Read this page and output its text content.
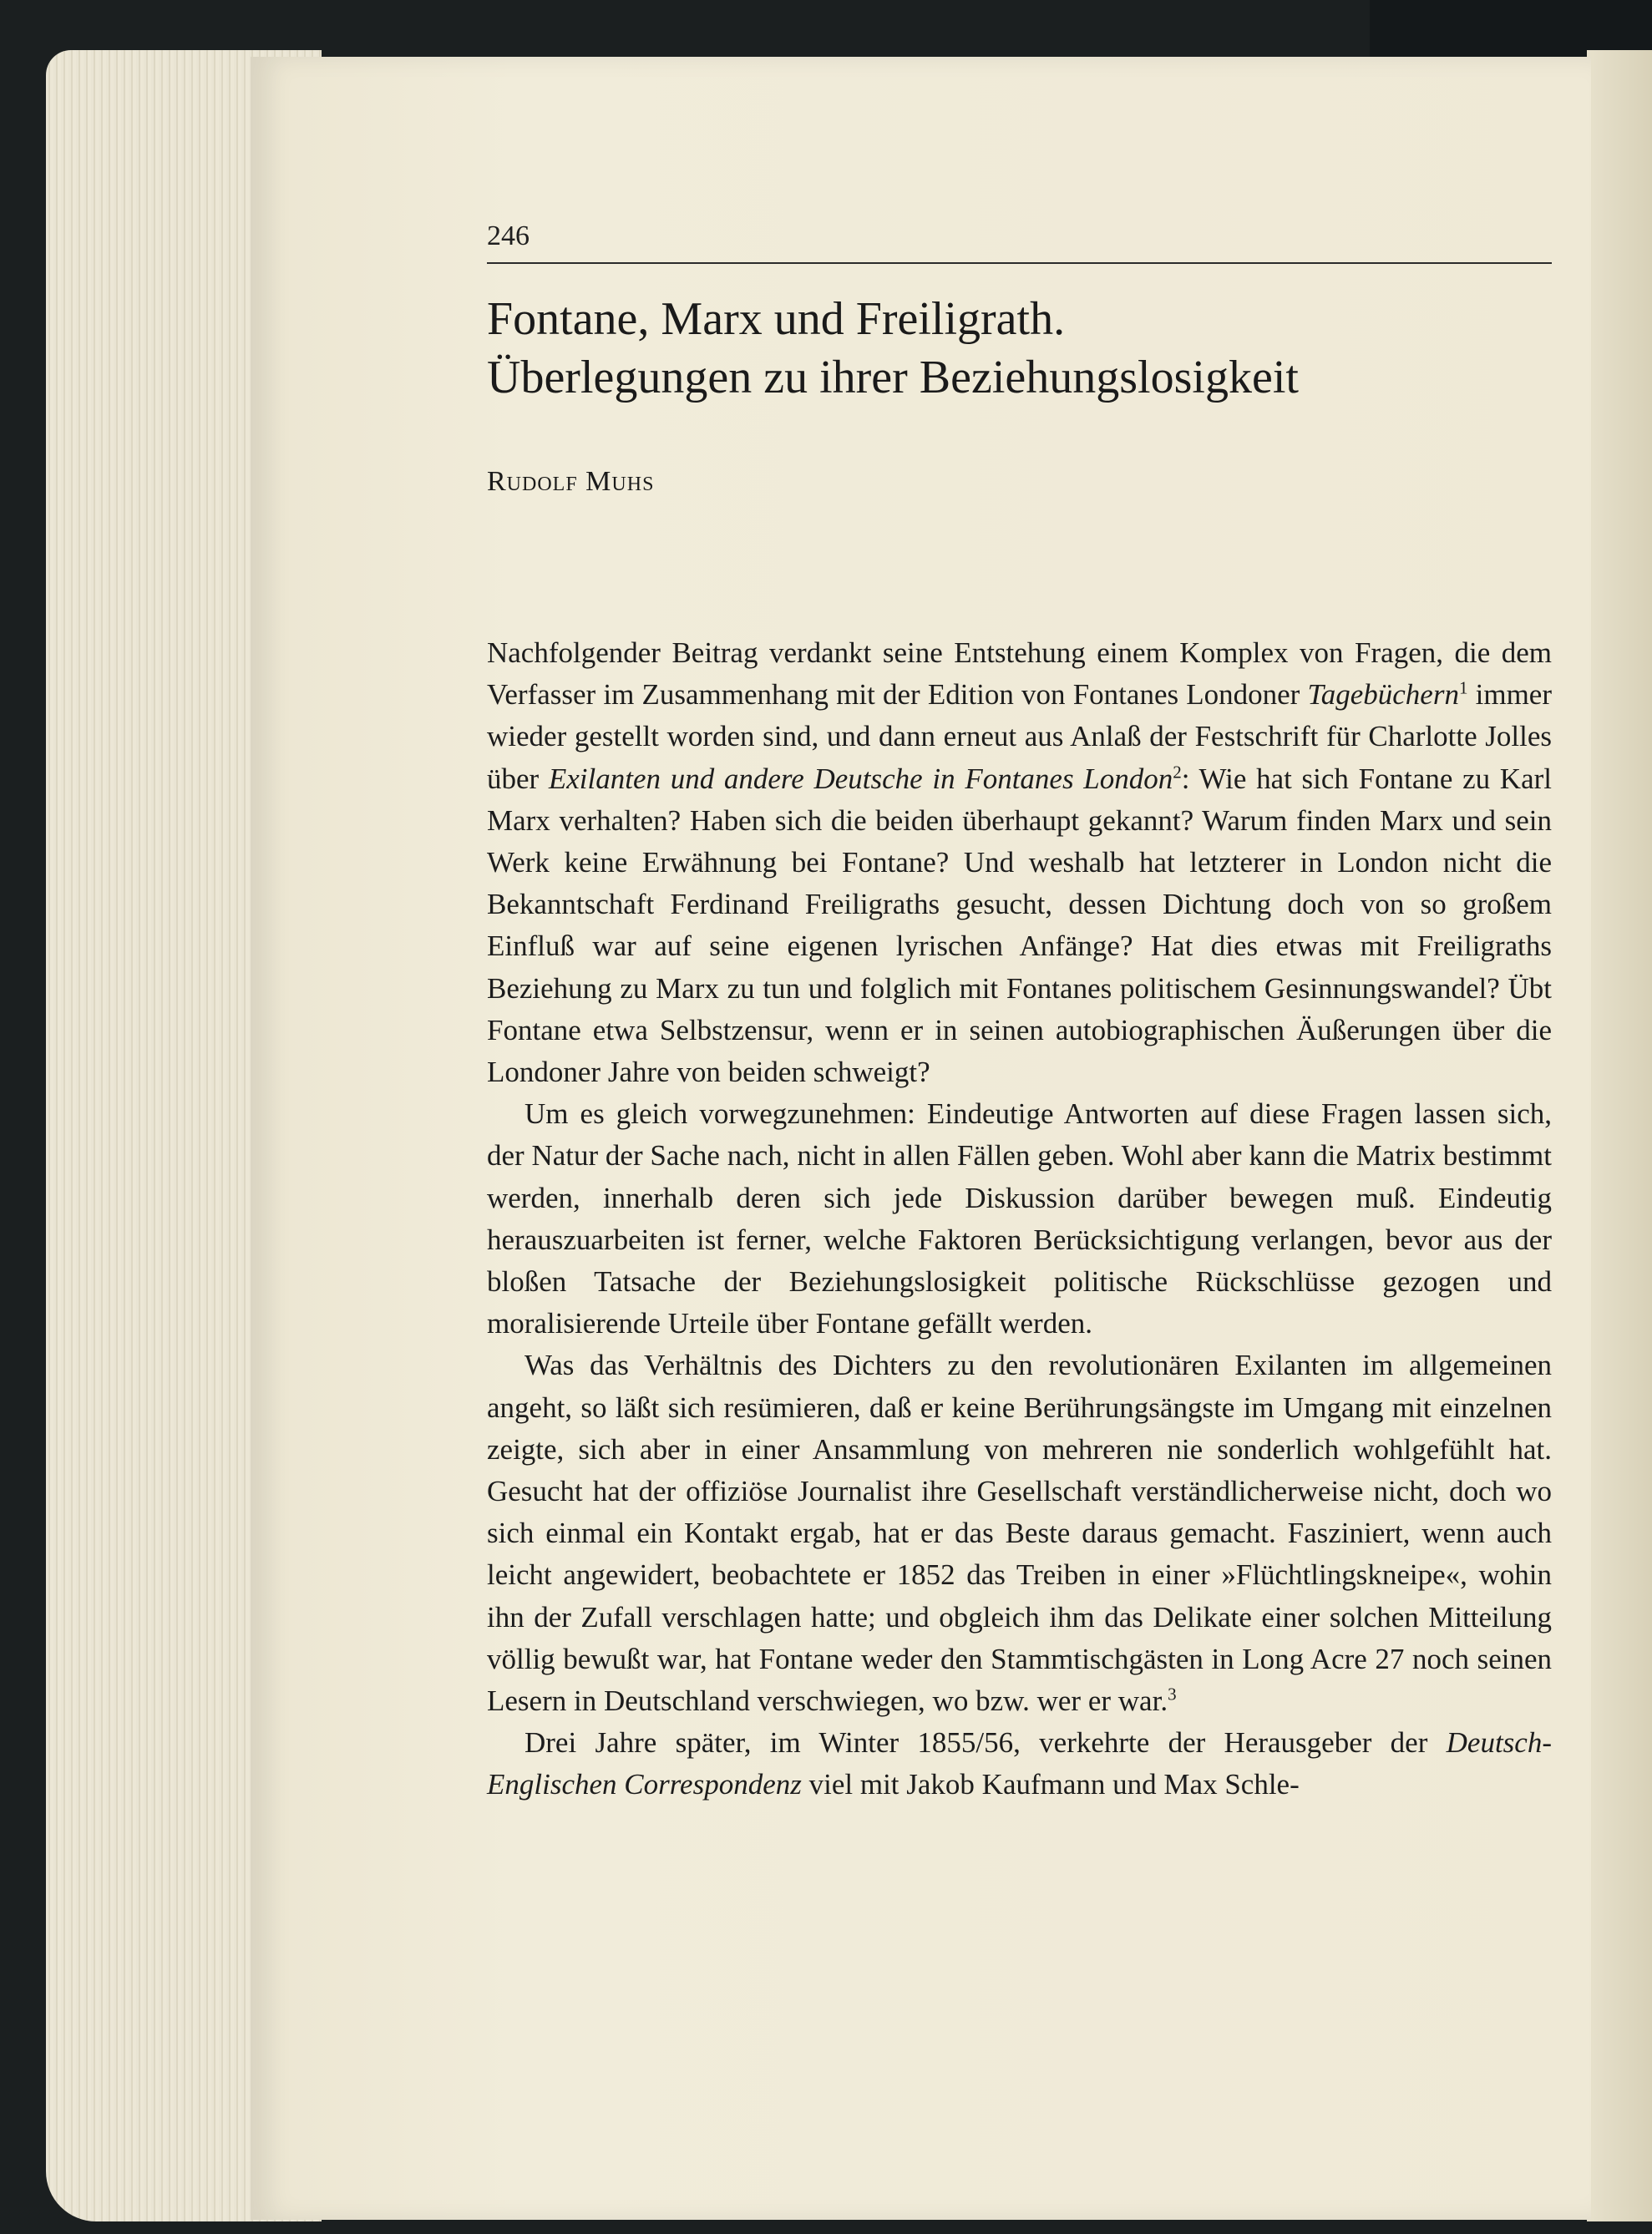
246
Fontane, Marx und Freiligrath.
Überlegungen zu ihrer Beziehungslosigkeit
Rudolf Muhs

Nachfolgender Beitrag verdankt seine Entstehung einem Komplex von Fragen, die dem Verfasser im Zusammenhang mit der Edition von Fontanes Londoner Tagebüchern$^1$ immer wieder gestellt worden sind, und dann erneut aus Anlaß der Festschrift für Charlotte Jolles über Exilanten und andere Deutsche in Fontanes London$^2$: Wie hat sich Fontane zu Karl Marx verhalten? Haben sich die beiden überhaupt gekannt? Warum finden Marx und sein Werk keine Erwähnung bei Fontane? Und weshalb hat letzterer in London nicht die Bekanntschaft Ferdinand Freiligraths gesucht, dessen Dichtung doch von so großem Einfluß war auf seine eigenen lyrischen Anfänge? Hat dies etwas mit Freiligraths Beziehung zu Marx zu tun und folglich mit Fontanes politischem Gesinnungswandel? Übt Fontane etwa Selbstzensur, wenn er in seinen autobiographischen Äußerungen über die Londoner Jahre von beiden schweigt?

Um es gleich vorwegzunehmen: Eindeutige Antworten auf diese Fragen lassen sich, der Natur der Sache nach, nicht in allen Fällen geben. Wohl aber kann die Matrix bestimmt werden, innerhalb deren sich jede Diskussion darüber bewegen muß. Eindeutig herauszuarbeiten ist ferner, welche Faktoren Berücksichtigung verlangen, bevor aus der bloßen Tatsache der Beziehungslosigkeit politische Rückschlüsse gezogen und moralisierende Urteile über Fontane gefällt werden.

Was das Verhältnis des Dichters zu den revolutionären Exilanten im allgemeinen angeht, so läßt sich resümieren, daß er keine Berührungsängste im Umgang mit einzelnen zeigte, sich aber in einer Ansammlung von mehreren nie sonderlich wohlgefühlt hat. Gesucht hat der offiziöse Journalist ihre Gesellschaft verständlicherweise nicht, doch wo sich einmal ein Kontakt ergab, hat er das Beste daraus gemacht. Fasziniert, wenn auch leicht angewidert, beobachtete er 1852 das Treiben in einer »Flüchtlingskneipe«, wohin ihn der Zufall verschlagen hatte; und obgleich ihm das Delikate einer solchen Mitteilung völlig bewußt war, hat Fontane weder den Stammtischgästen in Long Acre 27 noch seinen Lesern in Deutschland verschwiegen, wo bzw. wer er war.$^3$

Drei Jahre später, im Winter 1855/56, verkehrte der Herausgeber der Deutsch-Englischen Correspondenz viel mit Jakob Kaufmann und Max Schle-
